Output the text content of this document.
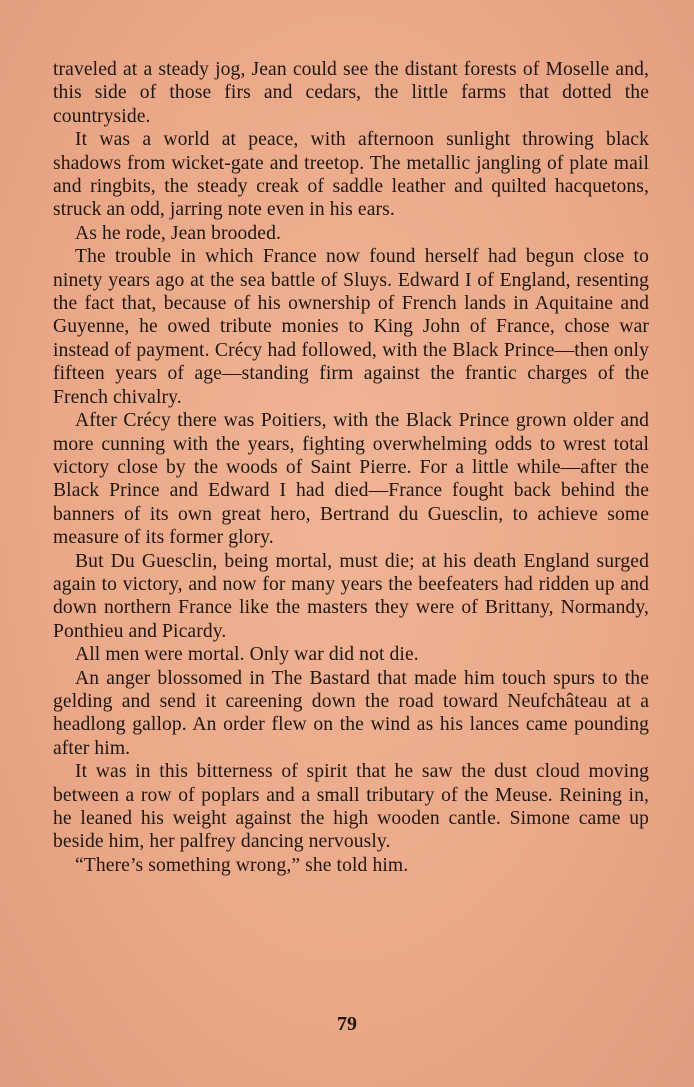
traveled at a steady jog, Jean could see the distant forests of Moselle and, this side of those firs and cedars, the little farms that dotted the countryside.

It was a world at peace, with afternoon sunlight throwing black shadows from wicket-gate and treetop. The metallic jangling of plate mail and ringbits, the steady creak of saddle leather and quilted hacquetons, struck an odd, jarring note even in his ears.

As he rode, Jean brooded.

The trouble in which France now found herself had begun close to ninety years ago at the sea battle of Sluys. Edward I of England, resenting the fact that, because of his ownership of French lands in Aquitaine and Guyenne, he owed tribute monies to King John of France, chose war instead of payment. Crécy had followed, with the Black Prince—then only fifteen years of age—standing firm against the frantic charges of the French chivalry.

After Crécy there was Poitiers, with the Black Prince grown older and more cunning with the years, fighting overwhelming odds to wrest total victory close by the woods of Saint Pierre. For a little while—after the Black Prince and Edward I had died—France fought back behind the banners of its own great hero, Bertrand du Guesclin, to achieve some measure of its former glory.

But Du Guesclin, being mortal, must die; at his death England surged again to victory, and now for many years the beefeaters had ridden up and down northern France like the masters they were of Brittany, Normandy, Ponthieu and Picardy.

All men were mortal. Only war did not die.

An anger blossomed in The Bastard that made him touch spurs to the gelding and send it careening down the road toward Neufchâteau at a headlong gallop. An order flew on the wind as his lances came pounding after him.

It was in this bitterness of spirit that he saw the dust cloud moving between a row of poplars and a small tributary of the Meuse. Reining in, he leaned his weight against the high wooden cantle. Simone came up beside him, her palfrey dancing nervously.

“There’s something wrong,” she told him.

79
